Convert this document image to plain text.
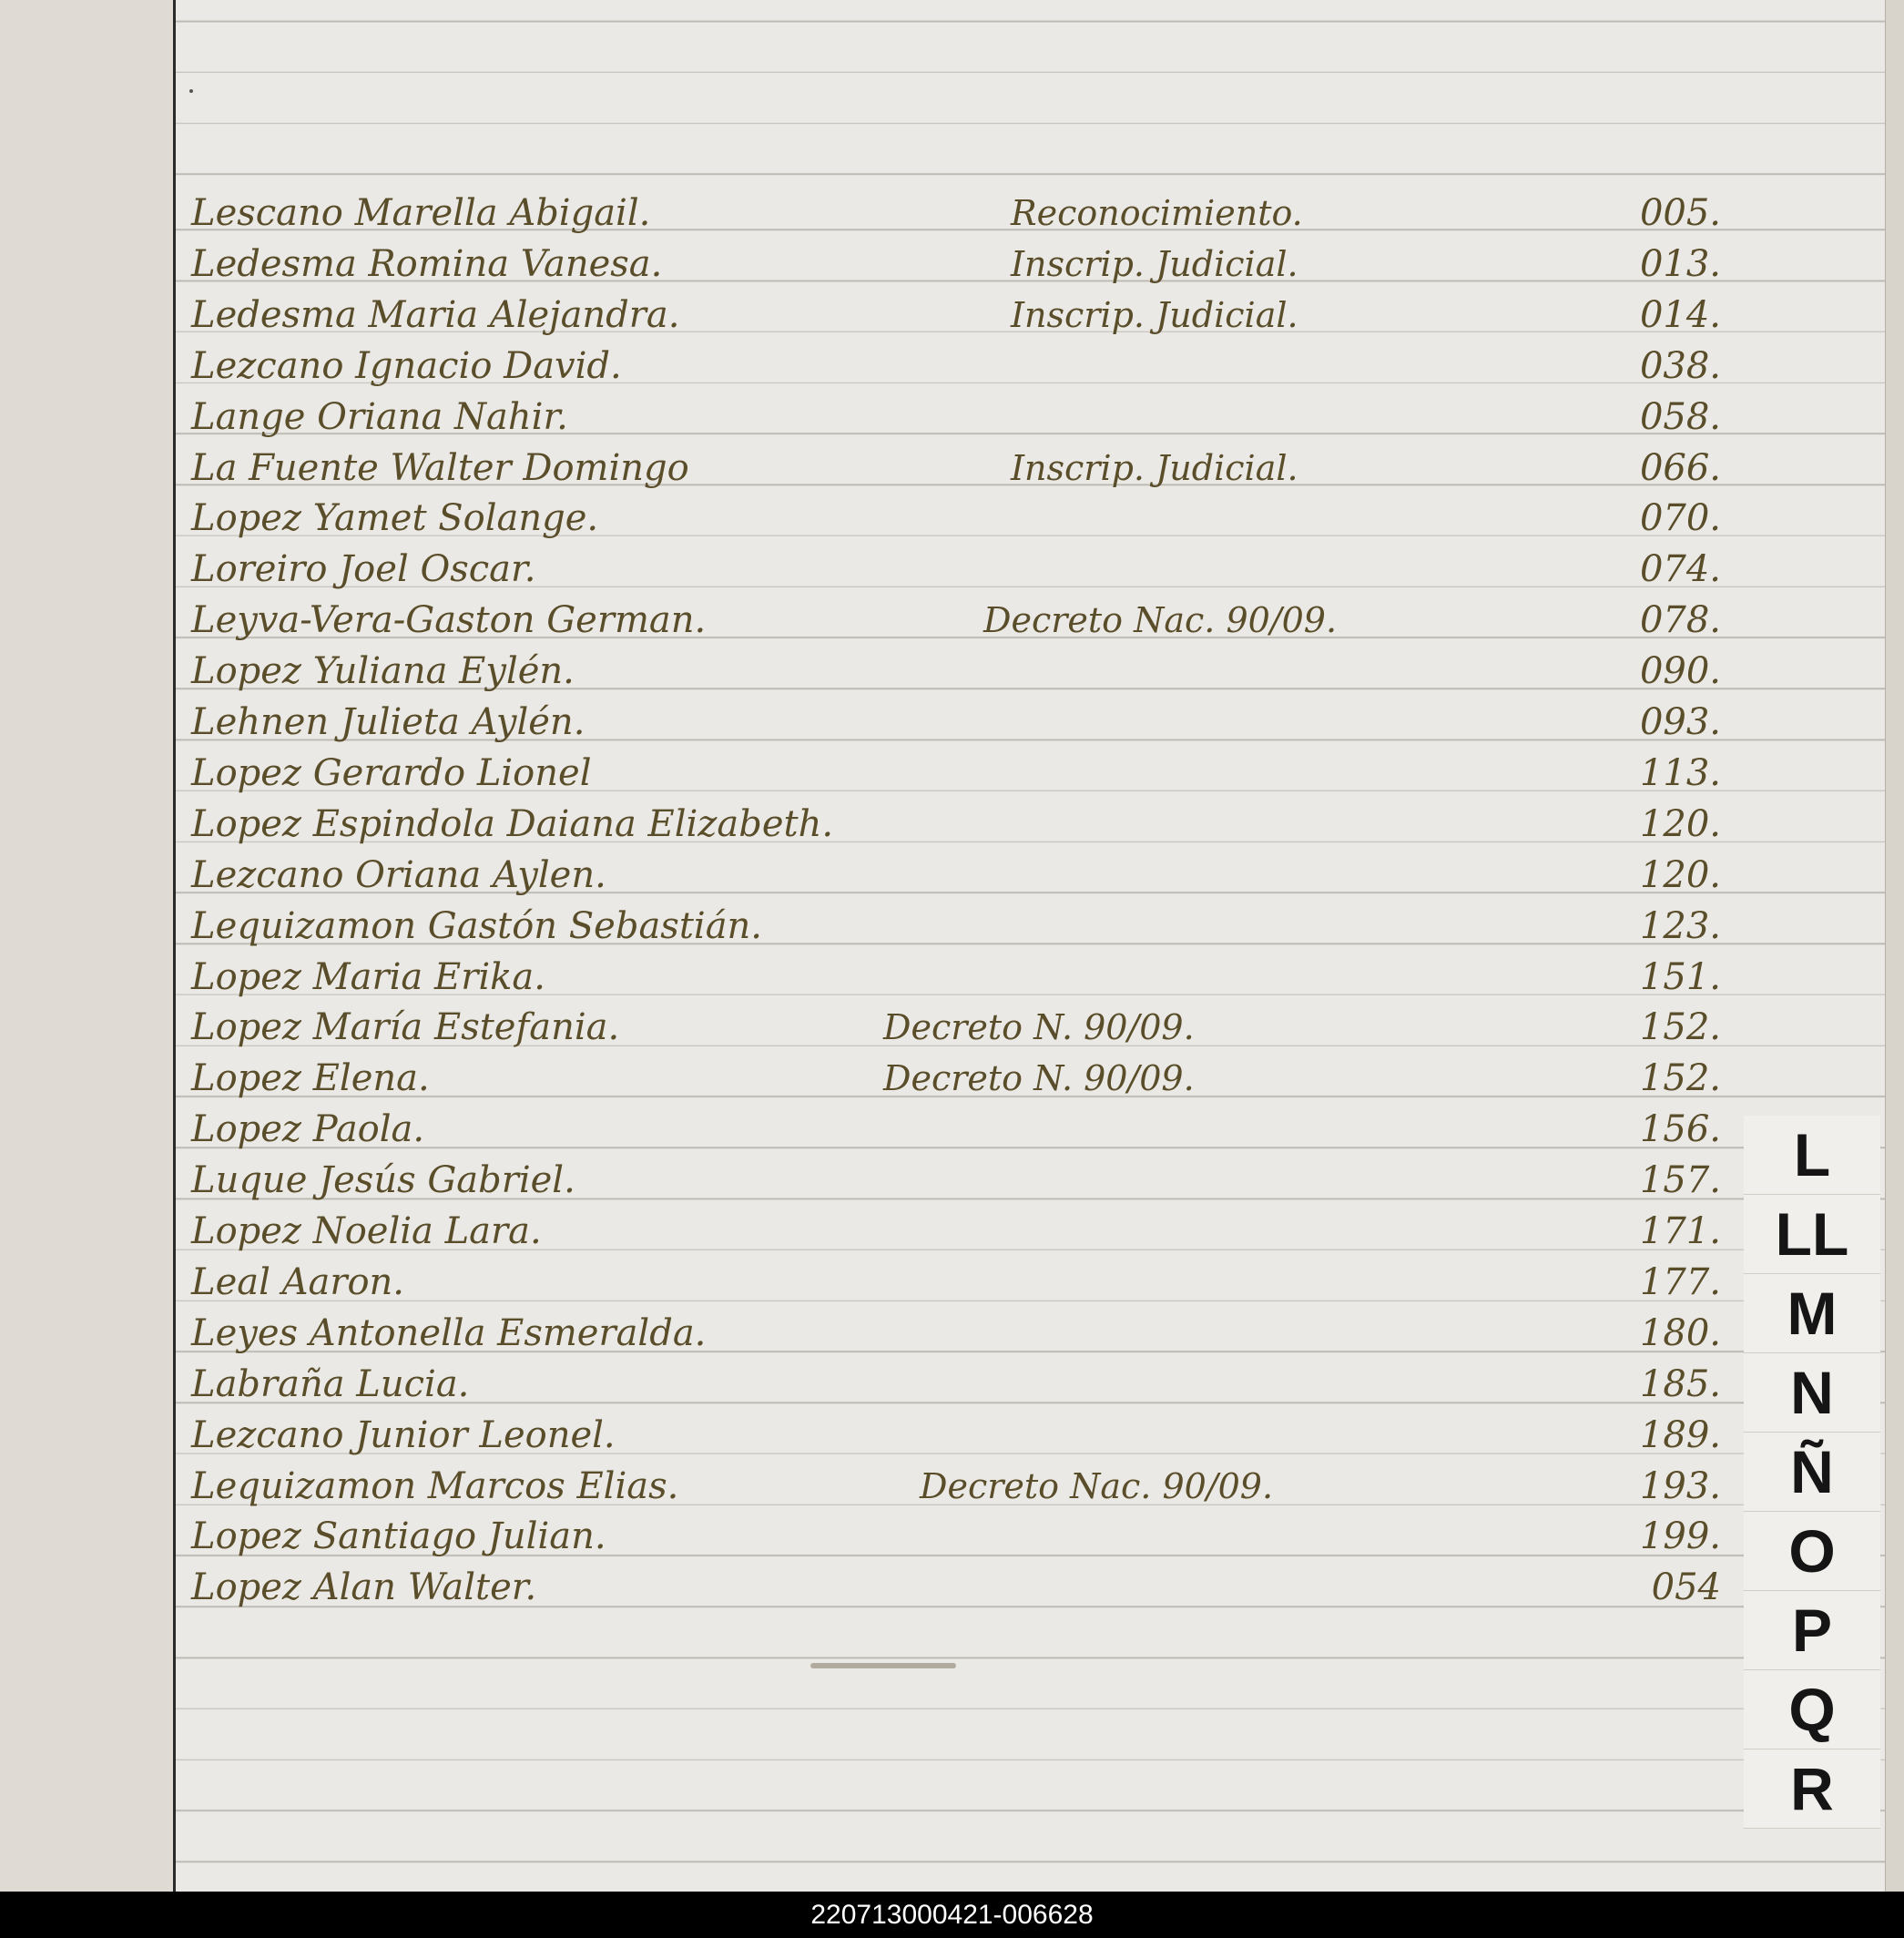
Lescano Marella Abigail.	Reconocimiento.	005.
Ledesma Romina Vanesa.	Inscrip. Judicial.	013.
Ledesma Maria Alejandra.	Inscrip. Judicial.	014.
Lezcano Ignacio David.	038.
Lange Oriana Nahir.	058.
La Fuente Walter Domingo	Inscrip. Judicial.	066.
Lopez Yamet Solange.	070.
Loreiro Joel Oscar.	074.
Leyva-Vera-Gaston German.	Decreto Nac. 90/09.	078.
Lopez Yuliana Eylén.	090.
Lehnen Julieta Aylén.	093.
Lopez Gerardo Lionel	113.
Lopez Espindola Daiana Elizabeth.	120.
Lezcano Oriana Aylen.	120.
Lequizamon Gastón Sebastián.	123.
Lopez Maria Erika.	151.
Lopez María Estefania.	Decreto N. 90/09.	152.
Lopez Elena.	Decreto N. 90/09.	152.
Lopez Paola.	156.
Luque Jesús Gabriel.	157.
Lopez Noelia Lara.	171.
Leal Aaron.	177.
Leyes Antonella Esmeralda.	180.
Labraña Lucia.	185.
Lezcano Junior Leonel.	189.
Lequizamon Marcos Elias.	Decreto Nac. 90/09.	193.
Lopez Santiago Julian.	199.
Lopez Alan Walter.	054
L
LL
M
N
Ñ
O
P
Q
R
220713000421-006628
